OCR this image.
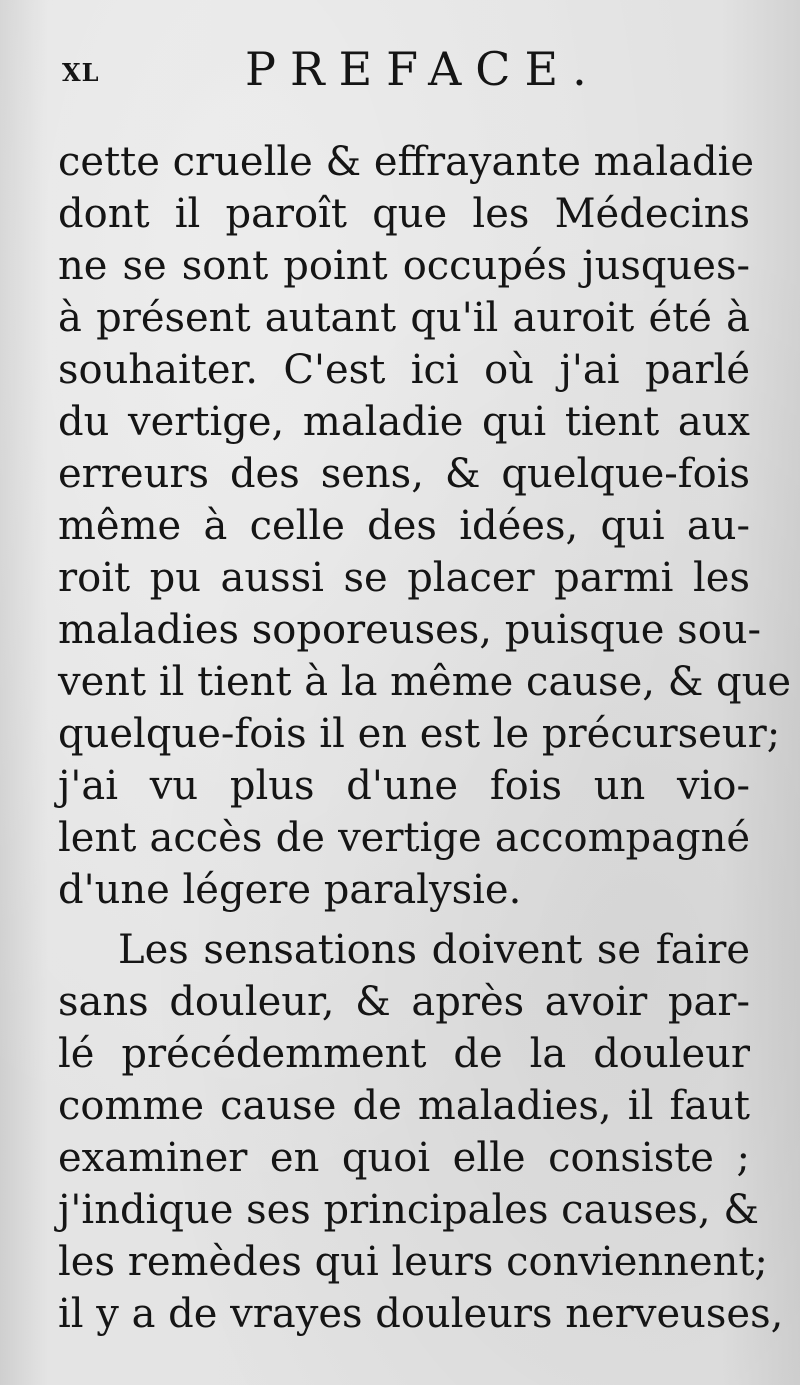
xl	PREFACE.
cette cruelle & effrayante maladie
dont il paroît que les Médecins
ne se sont point occupés jusques-
à présent autant qu'il auroit été à
souhaiter. C'est ici où j'ai parlé
du vertige, maladie qui tient aux
erreurs des sens, & quelque-fois
même à celle des idées, qui au-
roit pu aussi se placer parmi les
maladies soporeuses, puisque sou-
vent il tient à la même cause, & que
quelque-fois il en est le précurseur;
j'ai vu plus d'une fois un vio-
lent accès de vertige accompagné
d'une légere paralysie.
Les sensations doivent se faire
sans douleur, & après avoir par-
lé précédemment de la douleur
comme cause de maladies, il faut
examiner en quoi elle consiste ;
j'indique ses principales causes, &
les remèdes qui leurs conviennent;
il y a de vrayes douleurs nerveuses,
